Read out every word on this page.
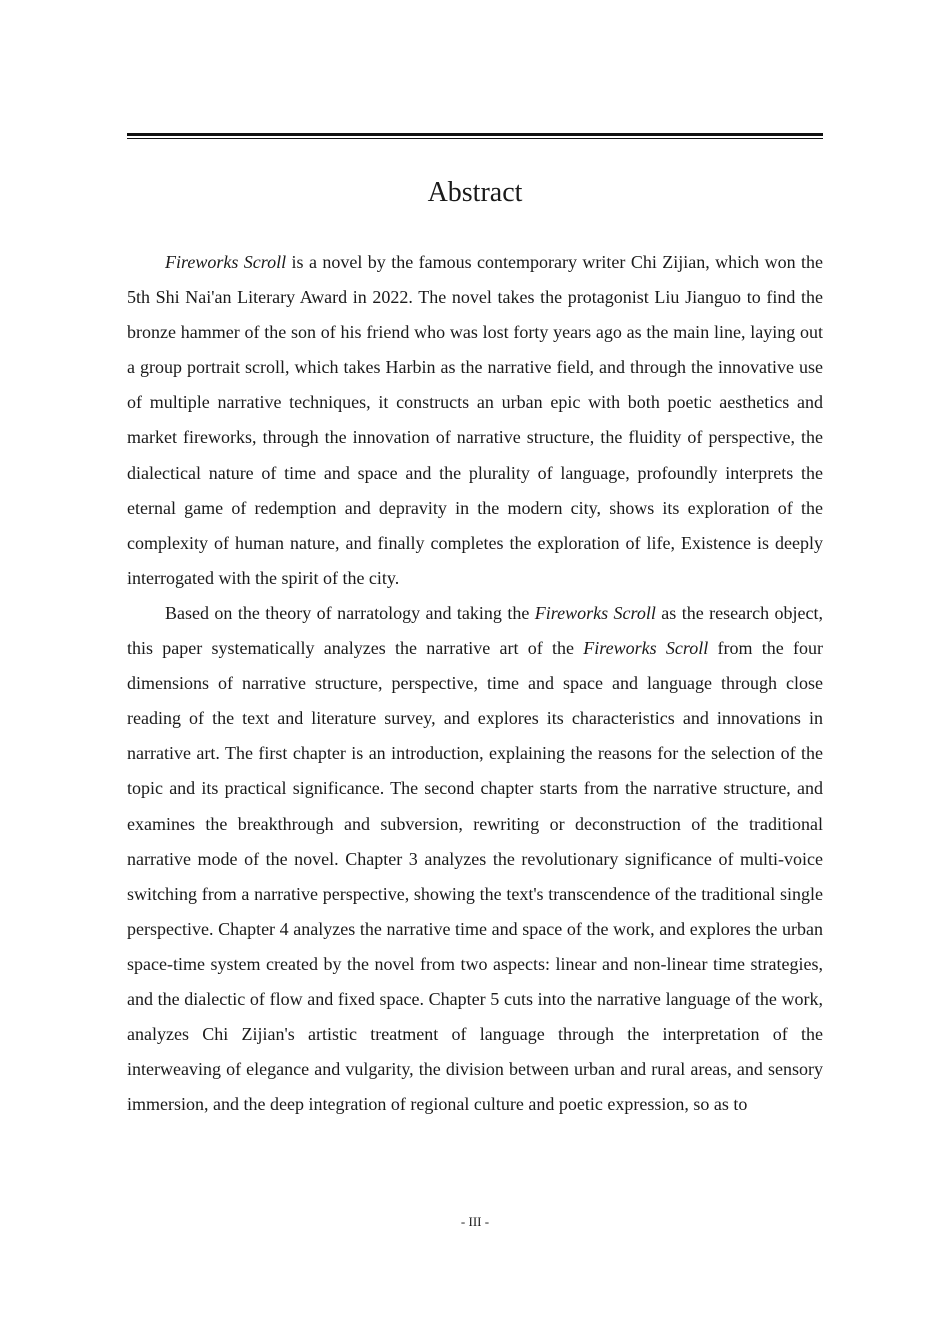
Abstract

Fireworks Scroll is a novel by the famous contemporary writer Chi Zijian, which won the 5th Shi Nai'an Literary Award in 2022. The novel takes the protagonist Liu Jianguo to find the bronze hammer of the son of his friend who was lost forty years ago as the main line, laying out a group portrait scroll, which takes Harbin as the narrative field, and through the innovative use of multiple narrative techniques, it constructs an urban epic with both poetic aesthetics and market fireworks, through the innovation of narrative structure, the fluidity of perspective, the dialectical nature of time and space and the plurality of language, profoundly interprets the eternal game of redemption and depravity in the modern city, shows its exploration of the complexity of human nature, and finally completes the exploration of life, Existence is deeply interrogated with the spirit of the city.

Based on the theory of narratology and taking the Fireworks Scroll as the research object, this paper systematically analyzes the narrative art of the Fireworks Scroll from the four dimensions of narrative structure, perspective, time and space and language through close reading of the text and literature survey, and explores its characteristics and innovations in narrative art. The first chapter is an introduction, explaining the reasons for the selection of the topic and its practical significance. The second chapter starts from the narrative structure, and examines the breakthrough and subversion, rewriting or deconstruction of the traditional narrative mode of the novel. Chapter 3 analyzes the revolutionary significance of multi-voice switching from a narrative perspective, showing the text's transcendence of the traditional single perspective. Chapter 4 analyzes the narrative time and space of the work, and explores the urban space-time system created by the novel from two aspects: linear and non-linear time strategies, and the dialectic of flow and fixed space. Chapter 5 cuts into the narrative language of the work, analyzes Chi Zijian's artistic treatment of language through the interpretation of the interweaving of elegance and vulgarity, the division between urban and rural areas, and sensory immersion, and the deep integration of regional culture and poetic expression, so as to

- III -
